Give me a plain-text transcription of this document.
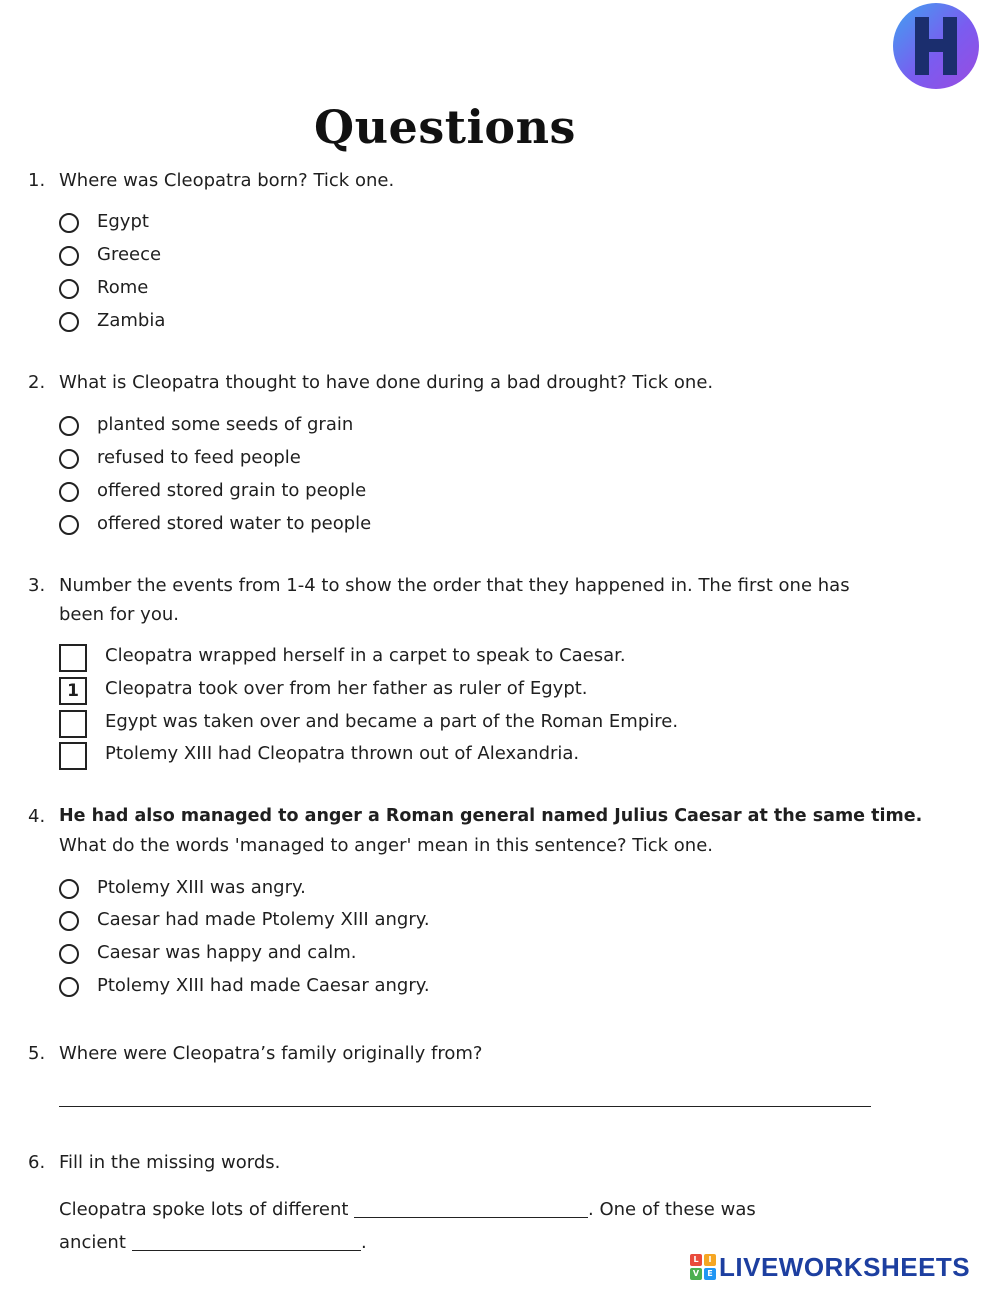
Questions
1. Where was Cleopatra born? Tick one.
Egypt
Greece
Rome
Zambia
2. What is Cleopatra thought to have done during a bad drought? Tick one.
planted some seeds of grain
refused to feed people
offered stored grain to people
offered stored water to people
3. Number the events from 1-4 to show the order that they happened in. The first one has
been for you.
Cleopatra wrapped herself in a carpet to speak to Caesar.
1	Cleopatra took over from her father as ruler of Egypt.
Egypt was taken over and became a part of the Roman Empire.
Ptolemy XIII had Cleopatra thrown out of Alexandria.
4. He had also managed to anger a Roman general named Julius Caesar at the same time.
What do the words 'managed to anger' mean in this sentence? Tick one.
Ptolemy XIII was angry.
Caesar had made Ptolemy XIII angry.
Caesar was happy and calm.
Ptolemy XIII had made Caesar angry.
5. Where were Cleopatra’s family originally from?
6. Fill in the missing words.
Cleopatra spoke lots of different	. One of these was
ancient	.
L	I
V	E LIVEWORKSHEETS
